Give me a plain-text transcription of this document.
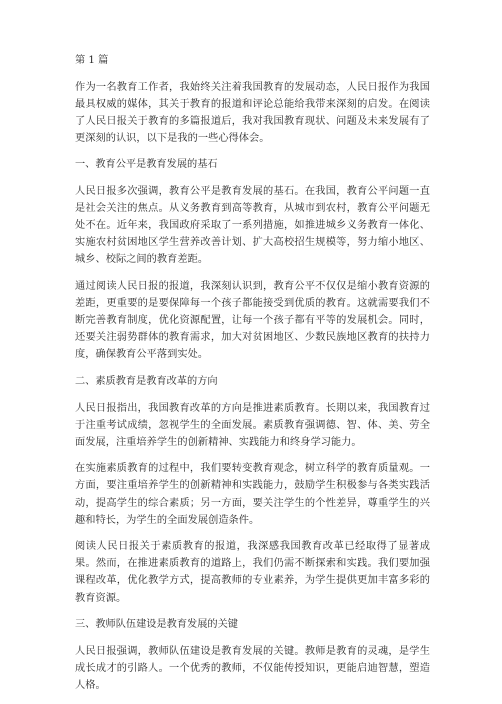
第 1 篇

作为一名教育工作者，我始终关注着我国教育的发展动态，人民日报作为我国最具权威的媒体，其关于教育的报道和评论总能给我带来深刻的启发。在阅读了人民日报关于教育的多篇报道后，我对我国教育现状、问题及未来发展有了更深刻的认识，以下是我的一些心得体会。

一、教育公平是教育发展的基石

人民日报多次强调，教育公平是教育发展的基石。在我国，教育公平问题一直是社会关注的焦点。从义务教育到高等教育，从城市到农村，教育公平问题无处不在。近年来，我国政府采取了一系列措施，如推进城乡义务教育一体化、实施农村贫困地区学生营养改善计划、扩大高校招生规模等，努力缩小地区、城乡、校际之间的教育差距。

通过阅读人民日报的报道，我深刻认识到，教育公平不仅仅是缩小教育资源的差距，更重要的是要保障每一个孩子都能接受到优质的教育。这就需要我们不断完善教育制度，优化资源配置，让每一个孩子都有平等的发展机会。同时，还要关注弱势群体的教育需求，加大对贫困地区、少数民族地区教育的扶持力度，确保教育公平落到实处。

二、素质教育是教育改革的方向

人民日报指出，我国教育改革的方向是推进素质教育。长期以来，我国教育过于注重考试成绩，忽视学生的全面发展。素质教育强调德、智、体、美、劳全面发展，注重培养学生的创新精神、实践能力和终身学习能力。

在实施素质教育的过程中，我们要转变教育观念，树立科学的教育质量观。一方面，要注重培养学生的创新精神和实践能力，鼓励学生积极参与各类实践活动，提高学生的综合素质；另一方面，要关注学生的个性差异，尊重学生的兴趣和特长，为学生的全面发展创造条件。

阅读人民日报关于素质教育的报道，我深感我国教育改革已经取得了显著成果。然而，在推进素质教育的道路上，我们仍需不断探索和实践。我们要加强课程改革，优化教学方式，提高教师的专业素养，为学生提供更加丰富多彩的教育资源。

三、教师队伍建设是教育发展的关键

人民日报强调，教师队伍建设是教育发展的关键。教师是教育的灵魂，是学生成长成才的引路人。一个优秀的教师，不仅能传授知识，更能启迪智慧，塑造人格。
